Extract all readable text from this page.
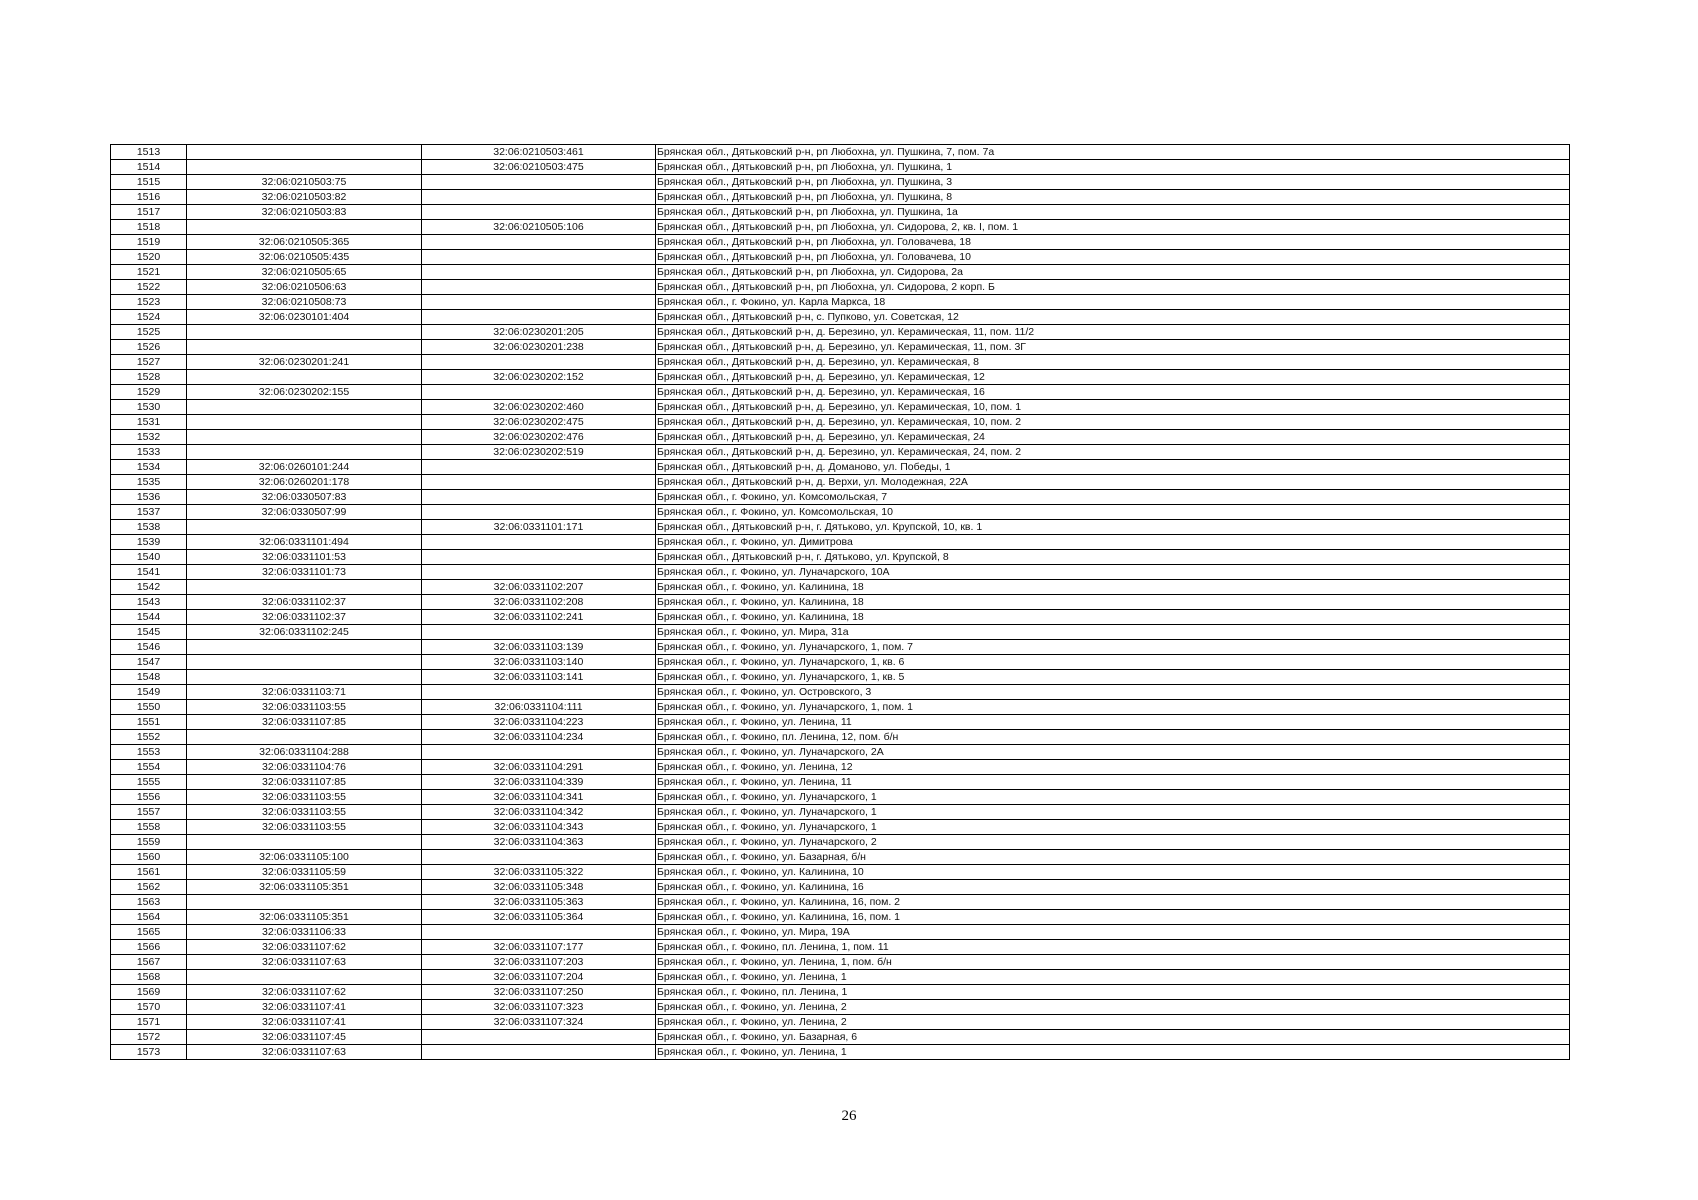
1513		32:06:0210503:461	Брянская обл., Дятьковский р-н, рп Любохна, ул. Пушкина, 7, пом. 7а
1514		32:06:0210503:475	Брянская обл., Дятьковский р-н, рп Любохна, ул. Пушкина, 1
1515	32:06:0210503:75		Брянская обл., Дятьковский р-н, рп Любохна, ул. Пушкина, 3
1516	32:06:0210503:82		Брянская обл., Дятьковский р-н, рп Любохна, ул. Пушкина, 8
1517	32:06:0210503:83		Брянская обл., Дятьковский р-н, рп Любохна, ул. Пушкина, 1а
1518		32:06:0210505:106	Брянская обл., Дятьковский р-н, рп Любохна, ул. Сидорова, 2, кв. I, пом. 1
1519	32:06:0210505:365		Брянская обл., Дятьковский р-н, рп Любохна, ул. Головачева, 18
1520	32:06:0210505:435		Брянская обл., Дятьковский р-н, рп Любохна, ул. Головачева, 10
1521	32:06:0210505:65		Брянская обл., Дятьковский р-н, рп Любохна, ул. Сидорова, 2а
1522	32:06:0210506:63		Брянская обл., Дятьковский р-н, рп Любохна, ул. Сидорова, 2 корп. Б
1523	32:06:0210508:73		Брянская обл., г. Фокино, ул. Карла Маркса, 18
1524	32:06:0230101:404		Брянская обл., Дятьковский р-н, с. Пупково, ул. Советская, 12
1525		32:06:0230201:205	Брянская обл., Дятьковский р-н, д. Березино, ул. Керамическая, 11, пом. 11/2
1526		32:06:0230201:238	Брянская обл., Дятьковский р-н, д. Березино, ул. Керамическая, 11, пом. 3Г
1527	32:06:0230201:241		Брянская обл., Дятьковский р-н, д. Березино, ул. Керамическая, 8
1528		32:06:0230202:152	Брянская обл., Дятьковский р-н, д. Березино, ул. Керамическая, 12
1529	32:06:0230202:155		Брянская обл., Дятьковский р-н, д. Березино, ул. Керамическая, 16
1530		32:06:0230202:460	Брянская обл., Дятьковский р-н, д. Березино, ул. Керамическая, 10, пом. 1
1531		32:06:0230202:475	Брянская обл., Дятьковский р-н, д. Березино, ул. Керамическая, 10, пом. 2
1532		32:06:0230202:476	Брянская обл., Дятьковский р-н, д. Березино, ул. Керамическая, 24
1533		32:06:0230202:519	Брянская обл., Дятьковский р-н, д. Березино, ул. Керамическая, 24, пом. 2
1534	32:06:0260101:244		Брянская обл., Дятьковский р-н, д. Доманово, ул. Победы, 1
1535	32:06:0260201:178		Брянская обл., Дятьковский р-н, д. Верхи, ул. Молодежная, 22А
1536	32:06:0330507:83		Брянская обл., г. Фокино, ул. Комсомольская, 7
1537	32:06:0330507:99		Брянская обл., г. Фокино, ул. Комсомольская, 10
1538		32:06:0331101:171	Брянская обл., Дятьковский р-н, г. Дятьково, ул. Крупской, 10, кв. 1
1539	32:06:0331101:494		Брянская обл., г. Фокино, ул. Димитрова
1540	32:06:0331101:53		Брянская обл., Дятьковский р-н, г. Дятьково, ул. Крупской, 8
1541	32:06:0331101:73		Брянская обл., г. Фокино, ул. Луначарского, 10А
1542		32:06:0331102:207	Брянская обл., г. Фокино, ул. Калинина, 18
1543	32:06:0331102:37	32:06:0331102:208	Брянская обл., г. Фокино, ул. Калинина, 18
1544	32:06:0331102:37	32:06:0331102:241	Брянская обл., г. Фокино, ул. Калинина, 18
1545	32:06:0331102:245		Брянская обл., г. Фокино, ул. Мира, 31а
1546		32:06:0331103:139	Брянская обл., г. Фокино, ул. Луначарского, 1, пом. 7
1547		32:06:0331103:140	Брянская обл., г. Фокино, ул. Луначарского, 1, кв. 6
1548		32:06:0331103:141	Брянская обл., г. Фокино, ул. Луначарского, 1, кв. 5
1549	32:06:0331103:71		Брянская обл., г. Фокино, ул. Островского, 3
1550	32:06:0331103:55	32:06:0331104:111	Брянская обл., г. Фокино, ул. Луначарского, 1, пом. 1
1551	32:06:0331107:85	32:06:0331104:223	Брянская обл., г. Фокино, ул. Ленина, 11
1552		32:06:0331104:234	Брянская обл., г. Фокино, пл. Ленина, 12, пом. б/н
1553	32:06:0331104:288		Брянская обл., г. Фокино, ул. Луначарского, 2А
1554	32:06:0331104:76	32:06:0331104:291	Брянская обл., г. Фокино, ул. Ленина, 12
1555	32:06:0331107:85	32:06:0331104:339	Брянская обл., г. Фокино, ул. Ленина, 11
1556	32:06:0331103:55	32:06:0331104:341	Брянская обл., г. Фокино, ул. Луначарского, 1
1557	32:06:0331103:55	32:06:0331104:342	Брянская обл., г. Фокино, ул. Луначарского, 1
1558	32:06:0331103:55	32:06:0331104:343	Брянская обл., г. Фокино, ул. Луначарского, 1
1559		32:06:0331104:363	Брянская обл., г. Фокино, ул. Луначарского, 2
1560	32:06:0331105:100		Брянская обл., г. Фокино, ул. Базарная, б/н
1561	32:06:0331105:59	32:06:0331105:322	Брянская обл., г. Фокино, ул. Калинина, 10
1562	32:06:0331105:351	32:06:0331105:348	Брянская обл., г. Фокино, ул. Калинина, 16
1563		32:06:0331105:363	Брянская обл., г. Фокино, ул. Калинина, 16, пом. 2
1564	32:06:0331105:351	32:06:0331105:364	Брянская обл., г. Фокино, ул. Калинина, 16, пом. 1
1565	32:06:0331106:33		Брянская обл., г. Фокино, ул. Мира, 19А
1566	32:06:0331107:62	32:06:0331107:177	Брянская обл., г. Фокино, пл. Ленина, 1, пом. 11
1567	32:06:0331107:63	32:06:0331107:203	Брянская обл., г. Фокино, ул. Ленина, 1, пом. б/н
1568		32:06:0331107:204	Брянская обл., г. Фокино, ул. Ленина, 1
1569	32:06:0331107:62	32:06:0331107:250	Брянская обл., г. Фокино, пл. Ленина, 1
1570	32:06:0331107:41	32:06:0331107:323	Брянская обл., г. Фокино, ул. Ленина, 2
1571	32:06:0331107:41	32:06:0331107:324	Брянская обл., г. Фокино, ул. Ленина, 2
1572	32:06:0331107:45		Брянская обл., г. Фокино, ул. Базарная, 6
1573	32:06:0331107:63		Брянская обл., г. Фокино, ул. Ленина, 1
26
